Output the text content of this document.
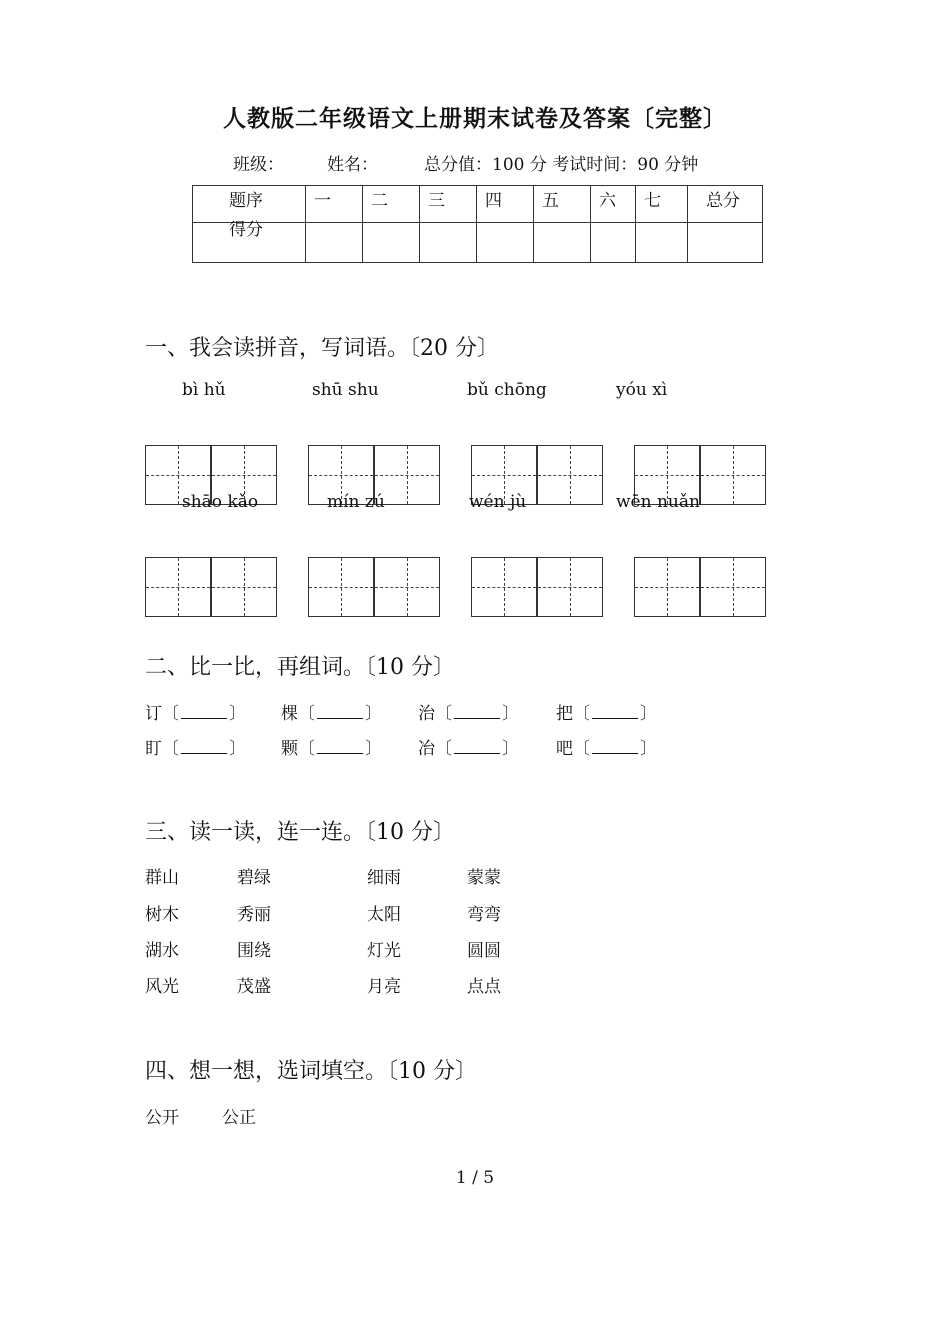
人教版二年级语文上册期末试卷及答案〔完整〕
班级：	姓名：	总分值：100 分 考试时间：90 分钟
题序	一	二	三	四	五	六	七	总分
得分								
一、我会读拼音，写词语。〔20 分〕
bì hǔ	shū shu	bǔ chōng	yóu xì
shāo kǎo	mín zú	wén jù	wēn nuǎn
二、比一比，再组词。〔10 分〕
订〔	〕 棵〔	〕 治〔	〕 把〔	〕
盯〔	〕 颗〔	〕 冶〔	〕 吧〔	〕
三、读一读，连一连。〔10 分〕
群山	碧绿	细雨	蒙蒙
树木	秀丽	太阳	弯弯
湖水	围绕	灯光	圆圆
风光	茂盛	月亮	点点
四、想一想，选词填空。〔10 分〕
公开	公正
1 / 5
